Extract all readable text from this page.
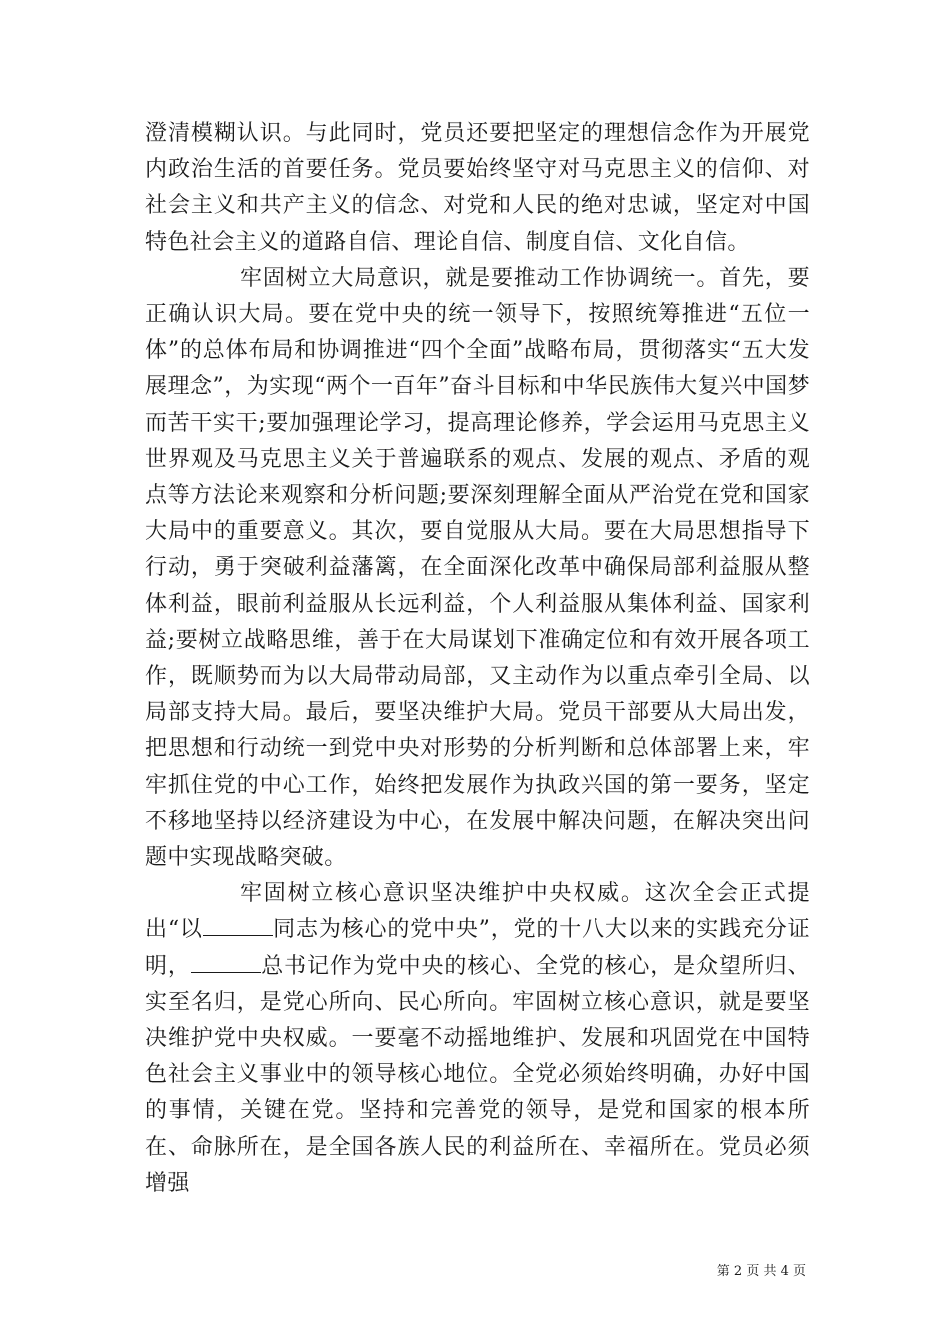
澄清模糊认识。与此同时，党员还要把坚定的理想信念作为开展党内政治生活的首要任务。党员要始终坚守对马克思主义的信仰、对社会主义和共产主义的信念、对党和人民的绝对忠诚，坚定对中国特色社会主义的道路自信、理论自信、制度自信、文化自信。

牢固树立大局意识，就是要推动工作协调统一。首先，要正确认识大局。要在党中央的统一领导下，按照统筹推进“五位一体”的总体布局和协调推进“四个全面”战略布局，贯彻落实“五大发展理念”，为实现“两个一百年”奋斗目标和中华民族伟大复兴中国梦而苦干实干;要加强理论学习，提高理论修养，学会运用马克思主义世界观及马克思主义关于普遍联系的观点、发展的观点、矛盾的观点等方法论来观察和分析问题;要深刻理解全面从严治党在党和国家大局中的重要意义。其次，要自觉服从大局。要在大局思想指导下行动，勇于突破利益藩篱，在全面深化改革中确保局部利益服从整体利益，眼前利益服从长远利益，个人利益服从集体利益、国家利益;要树立战略思维，善于在大局谋划下准确定位和有效开展各项工作，既顺势而为以大局带动局部，又主动作为以重点牵引全局、以局部支持大局。最后，要坚决维护大局。党员干部要从大局出发，把思想和行动统一到党中央对形势的分析判断和总体部署上来，牢牢抓住党的中心工作，始终把发展作为执政兴国的第一要务，坚定不移地坚持以经济建设为中心，在发展中解决问题，在解决突出问题中实现战略突破。

牢固树立核心意识坚决维护中央权威。这次全会正式提出“以	同志为核心的党中央”，党的十八大以来的实践充分证明，	总书记作为党中央的核心、全党的核心，是众望所归、实至名归，是党心所向、民心所向。牢固树立核心意识，就是要坚决维护党中央权威。一要毫不动摇地维护、发展和巩固党在中国特色社会主义事业中的领导核心地位。全党必须始终明确，办好中国的事情，关键在党。坚持和完善党的领导，是党和国家的根本所在、命脉所在，是全国各族人民的利益所在、幸福所在。党员必须增强

第 2 页 共 4 页
